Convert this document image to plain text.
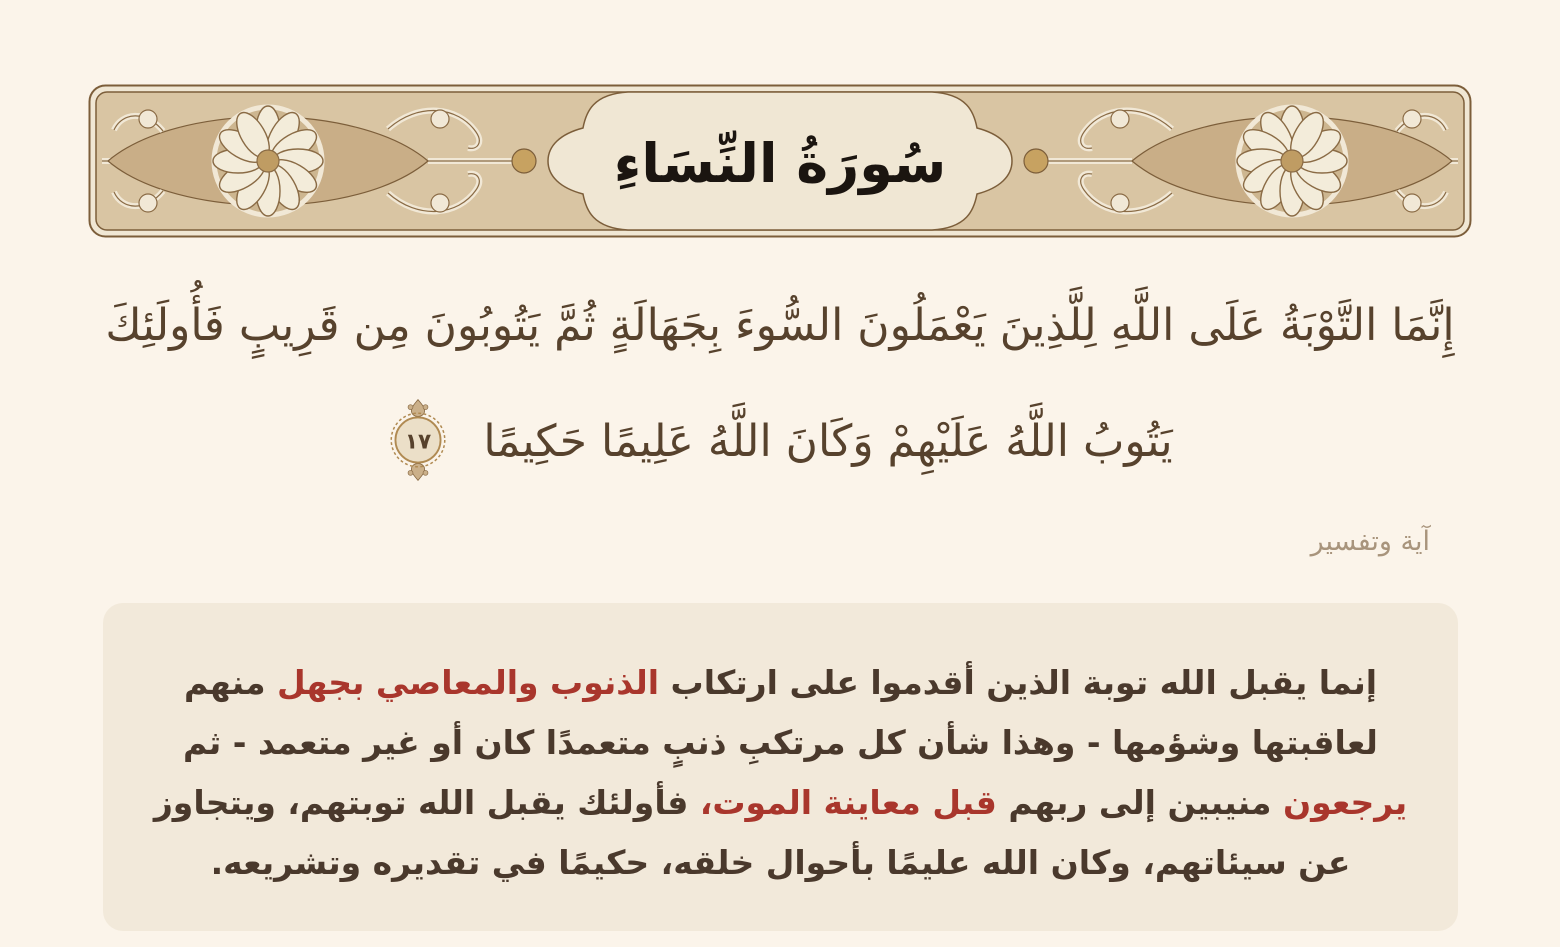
سُورَةُ النِّسَاءِ
إِنَّمَا التَّوْبَةُ عَلَى اللَّهِ لِلَّذِينَ يَعْمَلُونَ السُّوءَ بِجَهَالَةٍ ثُمَّ يَتُوبُونَ مِن قَرِيبٍ فَأُولَئِكَ
يَتُوبُ اللَّهُ عَلَيْهِمْ وَكَانَ اللَّهُ عَلِيمًا حَكِيمًا
١٧
آية وتفسير
إنما يقبل الله توبة الذين أقدموا على ارتكاب الذنوب والمعاصي بجهل منهم
لعاقبتها وشؤمها - وهذا شأن كل مرتكبِ ذنبٍ متعمدًا كان أو غير متعمد - ثم
يرجعون منيبين إلى ربهم قبل معاينة الموت، فأولئك يقبل الله توبتهم، ويتجاوز
عن سيئاتهم، وكان الله عليمًا بأحوال خلقه، حكيمًا في تقديره وتشريعه.
